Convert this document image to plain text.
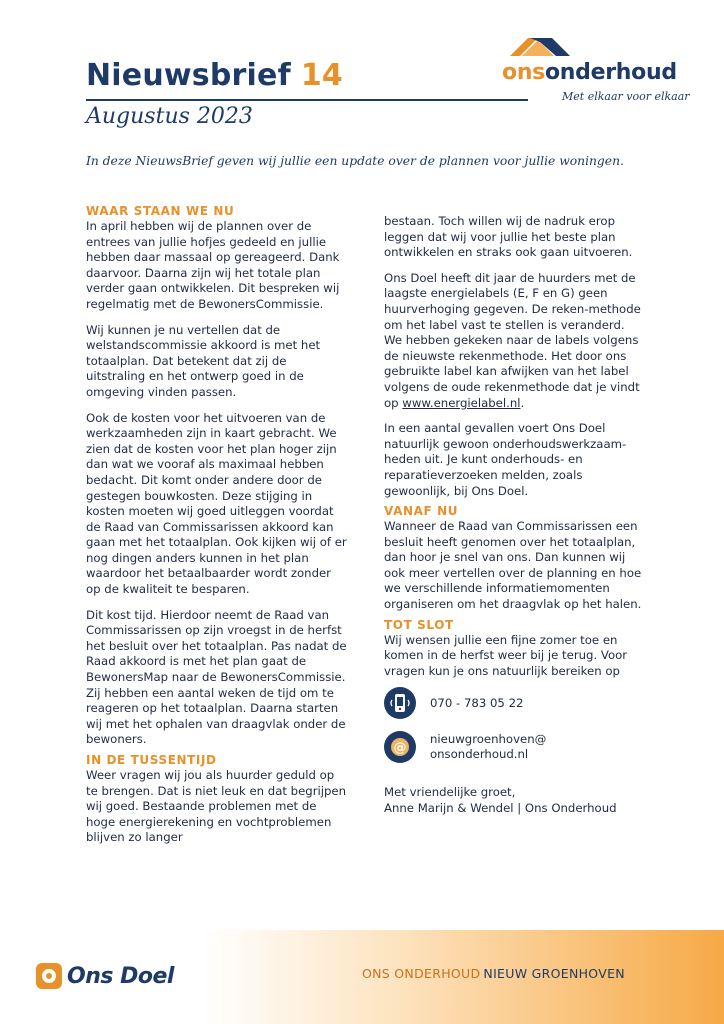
Nieuwsbrief 14
Augustus 2023
onsonderhoud
Met elkaar voor elkaar
In deze NieuwsBrief geven wij jullie een update over de plannen voor jullie woningen.
WAAR STAAN WE NU

In april hebben wij de plannen over de entrees van jullie hofjes gedeeld en jullie hebben daar massaal op gereageerd. Dank daarvoor. Daarna zijn wij het totale plan verder gaan ontwikkelen. Dit bespreken wij regelmatig met de BewonersCommissie.

Wij kunnen je nu vertellen dat de welstandscommissie akkoord is met het totaalplan. Dat betekent dat zij de uitstraling en het ontwerp goed in de omgeving vinden passen.

Ook de kosten voor het uitvoeren van de werkzaamheden zijn in kaart gebracht. We zien dat de kosten voor het plan hoger zijn dan wat we vooraf als maximaal hebben bedacht. Dit komt onder andere door de gestegen bouwkosten. Deze stijging in kosten moeten wij goed uitleggen voordat de Raad van Commissarissen akkoord kan gaan met het totaalplan. Ook kijken wij of er nog dingen anders kunnen in het plan waardoor het betaalbaarder wordt zonder op de kwaliteit te besparen.

Dit kost tijd. Hierdoor neemt de Raad van Commissarissen op zijn vroegst in de herfst het besluit over het totaalplan. Pas nadat de Raad akkoord is met het plan gaat de BewonersMap naar de BewonersCommissie. Zij hebben een aantal weken de tijd om te reageren op het totaalplan. Daarna starten wij met het ophalen van draagvlak onder de bewoners.

IN DE TUSSENTIJD

Weer vragen wij jou als huurder geduld op te brengen. Dat is niet leuk en dat begrijpen wij goed. Bestaande problemen met de hoge energierekening en vochtproblemen blijven zo langer

bestaan. Toch willen wij de nadruk erop leggen dat wij voor jullie het beste plan ontwikkelen en straks ook gaan uitvoeren.

Ons Doel heeft dit jaar de huurders met de laagste energielabels (E, F en G) geen huurverhoging gegeven. De reken-methode om het label vast te stellen is veranderd. We hebben gekeken naar de labels volgens de nieuwste rekenmethode. Het door ons gebruikte label kan afwijken van het label volgens de oude rekenmethode dat je vindt op www.energielabel.nl.

In een aantal gevallen voert Ons Doel natuurlijk gewoon onderhoudswerkzaam-heden uit. Je kunt onderhouds- en reparatieverzoeken melden, zoals gewoonlijk, bij Ons Doel.

VANAF NU

Wanneer de Raad van Commissarissen een besluit heeft genomen over het totaalplan, dan hoor je snel van ons. Dan kunnen wij ook meer vertellen over de planning en hoe we verschillende informatiemomenten organiseren om het draagvlak op het halen.

TOT SLOT

Wij wensen jullie een fijne zomer toe en komen in de herfst weer bij je terug. Voor vragen kun je ons natuurlijk bereiken op

070 - 783 05 22
@
nieuwgroenhoven@
onsonderhoud.nl
Met vriendelijke groet,
Anne Marijn & Wendel | Ons Onderhoud
Ons Doel	ONS ONDERHOUD NIEUW GROENHOVEN
